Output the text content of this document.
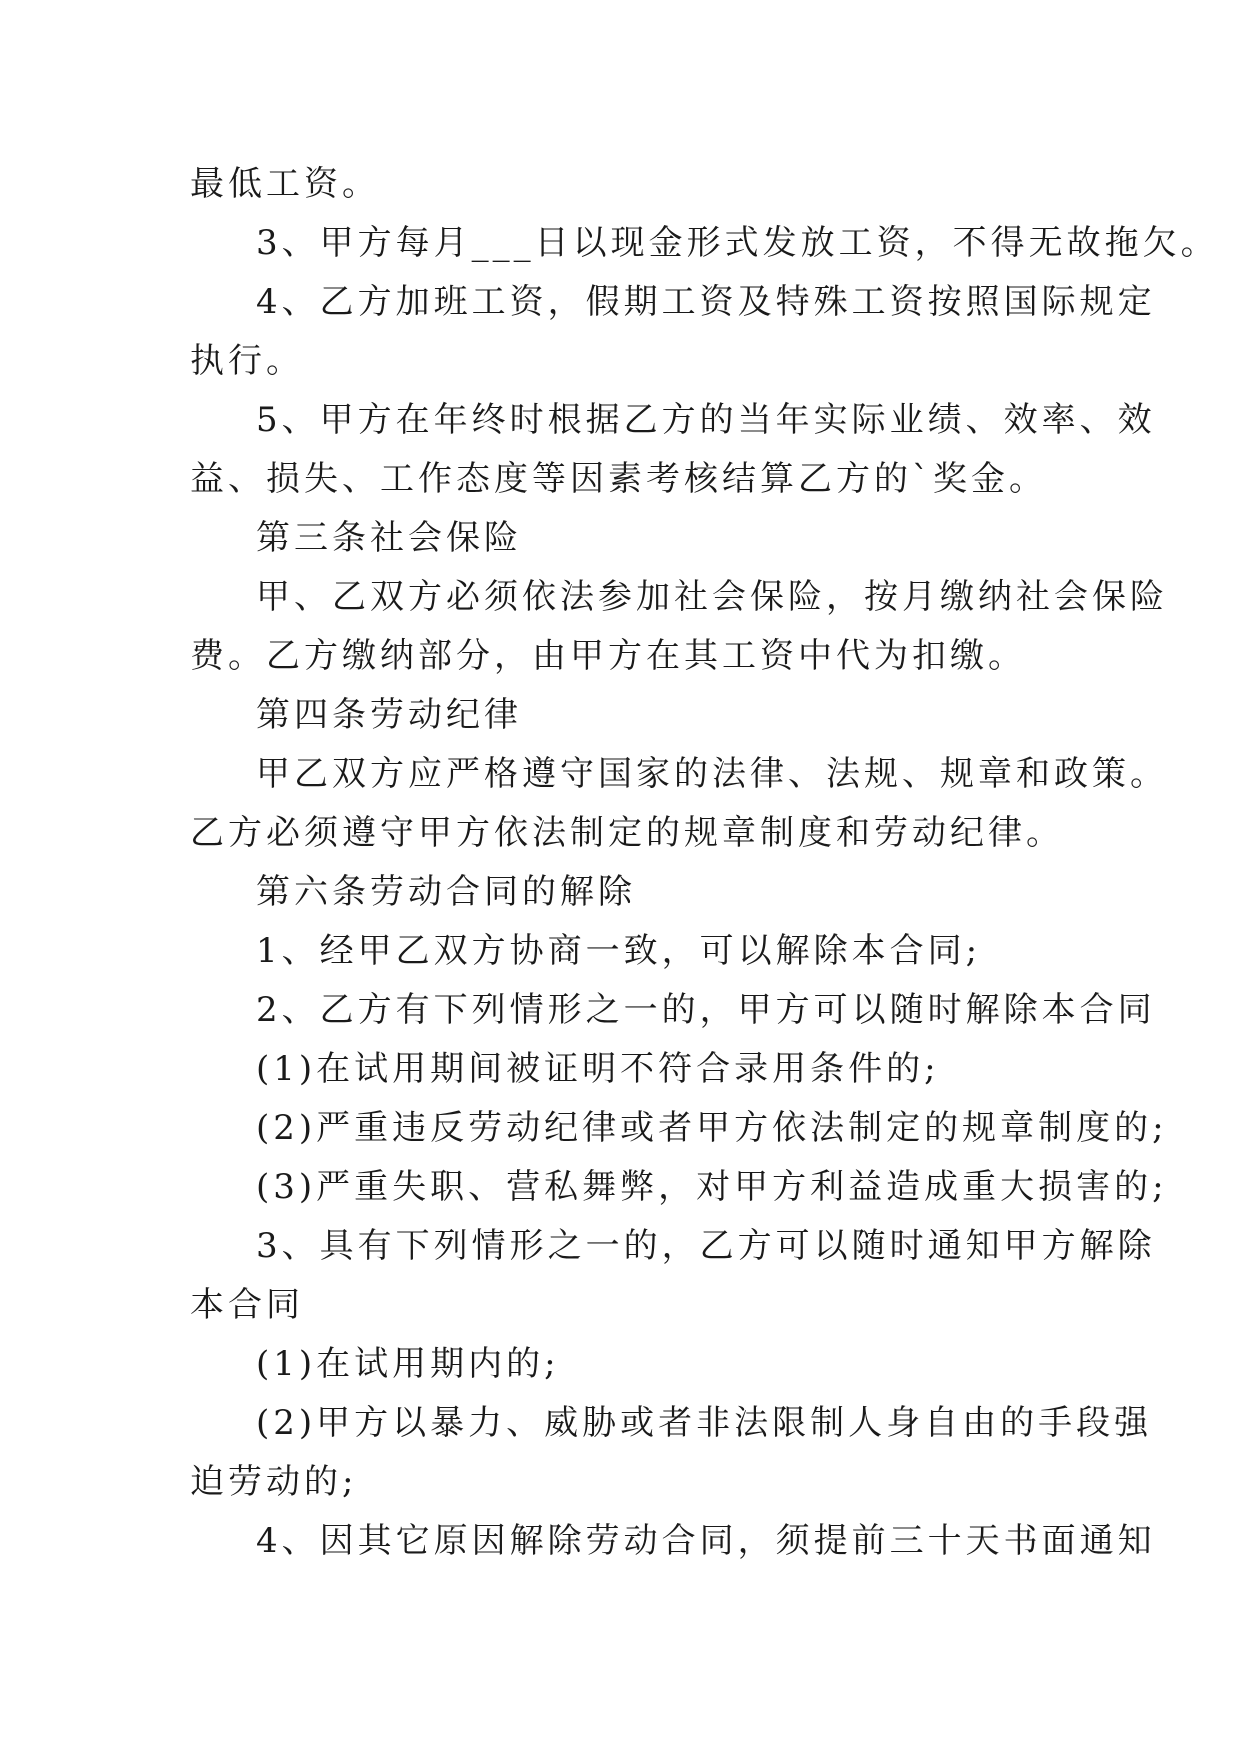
最低工资。
3、甲方每月___日以现金形式发放工资，不得无故拖欠。
4、乙方加班工资，假期工资及特殊工资按照国际规定
执行。
5、甲方在年终时根据乙方的当年实际业绩、效率、效
益、损失、工作态度等因素考核结算乙方的`奖金。
第三条社会保险
甲、乙双方必须依法参加社会保险，按月缴纳社会保险
费。乙方缴纳部分，由甲方在其工资中代为扣缴。
第四条劳动纪律
甲乙双方应严格遵守国家的法律、法规、规章和政策。
乙方必须遵守甲方依法制定的规章制度和劳动纪律。
第六条劳动合同的解除
1、经甲乙双方协商一致，可以解除本合同;
2、乙方有下列情形之一的，甲方可以随时解除本合同
(1)在试用期间被证明不符合录用条件的;
(2)严重违反劳动纪律或者甲方依法制定的规章制度的;
(3)严重失职、营私舞弊，对甲方利益造成重大损害的;
3、具有下列情形之一的，乙方可以随时通知甲方解除
本合同
(1)在试用期内的;
(2)甲方以暴力、威胁或者非法限制人身自由的手段强
迫劳动的;
4、因其它原因解除劳动合同，须提前三十天书面通知
